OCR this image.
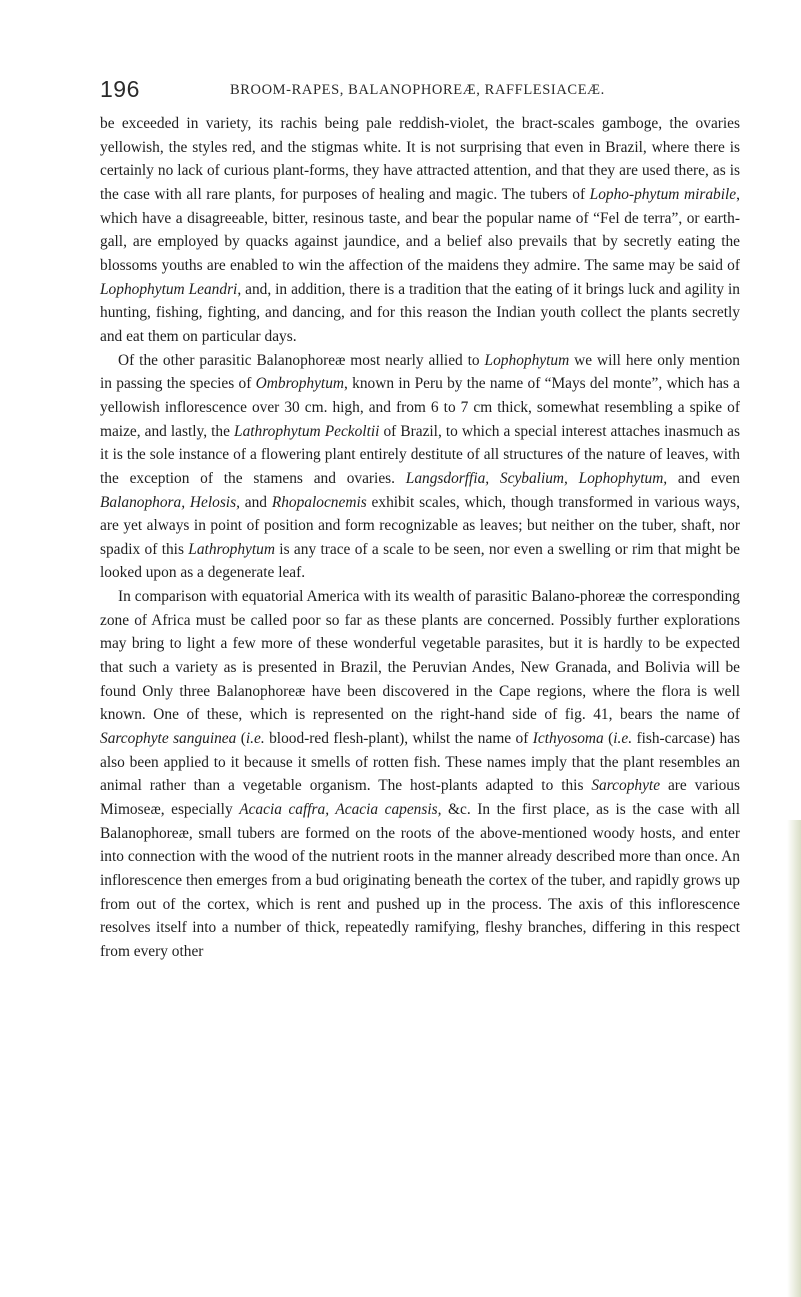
196	BROOM-RAPES, BALANOPHOREÆ, RAFFLESIACEÆ.

be exceeded in variety, its rachis being pale reddish-violet, the bract-scales gamboge, the ovaries yellowish, the styles red, and the stigmas white. It is not surprising that even in Brazil, where there is certainly no lack of curious plant-forms, they have attracted attention, and that they are used there, as is the case with all rare plants, for purposes of healing and magic. The tubers of Lopho-phytum mirabile, which have a disagreeable, bitter, resinous taste, and bear the popular name of “Fel de terra”, or earth-gall, are employed by quacks against jaundice, and a belief also prevails that by secretly eating the blossoms youths are enabled to win the affection of the maidens they admire. The same may be said of Lophophytum Leandri, and, in addition, there is a tradition that the eating of it brings luck and agility in hunting, fishing, fighting, and dancing, and for this reason the Indian youth collect the plants secretly and eat them on particular days.

Of the other parasitic Balanophoreæ most nearly allied to Lophophytum we will here only mention in passing the species of Ombrophytum, known in Peru by the name of “Mays del monte”, which has a yellowish inflorescence over 30 cm. high, and from 6 to 7 cm thick, somewhat resembling a spike of maize, and lastly, the Lathrophytum Peckoltii of Brazil, to which a special interest attaches inasmuch as it is the sole instance of a flowering plant entirely destitute of all structures of the nature of leaves, with the exception of the stamens and ovaries. Langsdorffia, Scybalium, Lophophytum, and even Balanophora, Helosis, and Rhopalocnemis exhibit scales, which, though transformed in various ways, are yet always in point of position and form recognizable as leaves; but neither on the tuber, shaft, nor spadix of this Lathrophytum is any trace of a scale to be seen, nor even a swelling or rim that might be looked upon as a degenerate leaf.

In comparison with equatorial America with its wealth of parasitic Balano-phoreæ the corresponding zone of Africa must be called poor so far as these plants are concerned. Possibly further explorations may bring to light a few more of these wonderful vegetable parasites, but it is hardly to be expected that such a variety as is presented in Brazil, the Peruvian Andes, New Granada, and Bolivia will be found Only three Balanophoreæ have been discovered in the Cape regions, where the flora is well known. One of these, which is represented on the right-hand side of fig. 41, bears the name of Sarcophyte sanguinea (i.e. blood-red flesh-plant), whilst the name of Icthyosoma (i.e. fish-carcase) has also been applied to it because it smells of rotten fish. These names imply that the plant resembles an animal rather than a vegetable organism. The host-plants adapted to this Sarcophyte are various Mimoseæ, especially Acacia caffra, Acacia capensis, &c. In the first place, as is the case with all Balanophoreæ, small tubers are formed on the roots of the above-mentioned woody hosts, and enter into connection with the wood of the nutrient roots in the manner already described more than once. An inflorescence then emerges from a bud originating beneath the cortex of the tuber, and rapidly grows up from out of the cortex, which is rent and pushed up in the process. The axis of this inflorescence resolves itself into a number of thick, repeatedly ramifying, fleshy branches, differing in this respect from every other
